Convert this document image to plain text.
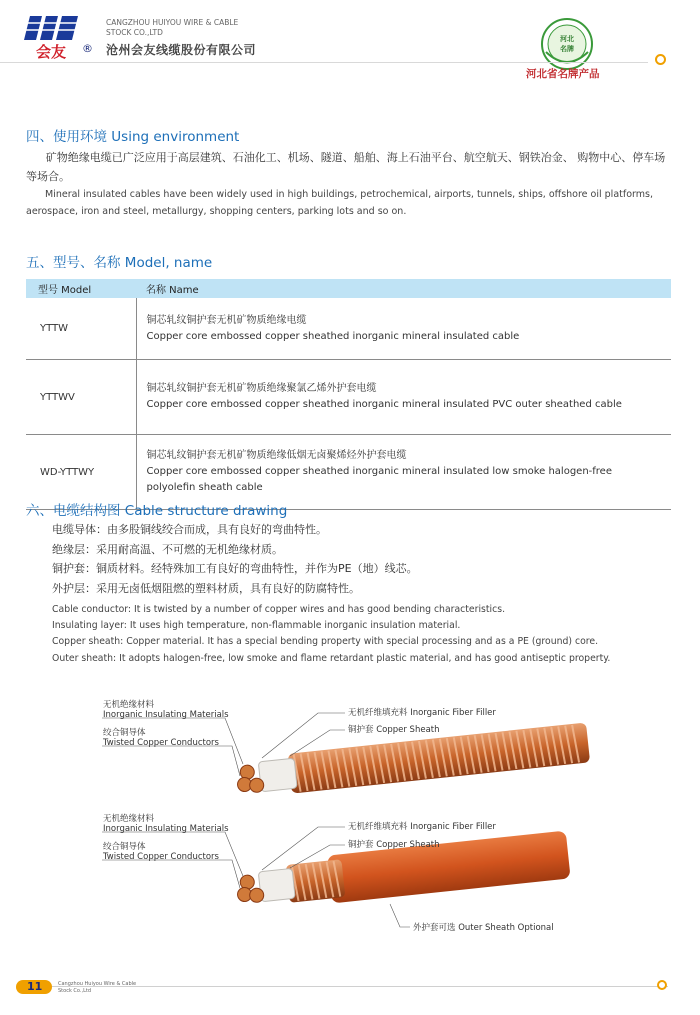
会友 ®
CANGZHOU HUIYOU WIRE & CABLE
STOCK CO.,LTD
沧州会友线缆股份有限公司
河北
名牌
河北省名牌产品
四、使用环境 Using environment
矿物绝缘电缆已广泛应用于高层建筑、石油化工、机场、隧道、船舶、海上石油平台、航空航天、钢铁冶金、 购物中心、停车场等场合。
Mineral insulated cables have been widely used in high buildings, petrochemical, airports, tunnels, ships, offshore oil platforms, aerospace, iron and steel, metallurgy, shopping centers, parking lots and so on.
五、型号、名称 Model, name
型号 Model	名称 Name
YTTW	铜芯轧纹铜护套无机矿物质绝缘电缆
Copper core embossed copper sheathed inorganic mineral insulated cable

YTTWV	铜芯轧纹铜护套无机矿物质绝缘聚氯乙烯外护套电缆
Copper core embossed copper sheathed inorganic mineral insulated PVC outer sheathed cable

WD-YTTWY	铜芯轧纹铜护套无机矿物质绝缘低烟无卤聚烯烃外护套电缆
Copper core embossed copper sheathed inorganic mineral insulated low smoke halogen-free polyolefin sheath cable
六、电缆结构图 Cable structure drawing
电缆导体：由多股铜线绞合而成，具有良好的弯曲特性。
绝缘层：采用耐高温、不可燃的无机绝缘材质。
铜护套：铜质材料。经特殊加工有良好的弯曲特性，并作为PE（地）线芯。
外护层：采用无卤低烟阻燃的塑料材质，具有良好的防腐特性。
Cable conductor: It is twisted by a number of copper wires and has good bending characteristics.
Insulating layer: It uses high temperature, non-flammable inorganic insulation material.
Copper sheath: Copper material. It has a special bending property with special processing and as a PE (ground) core.
Outer sheath: It adopts halogen-free, low smoke and flame retardant plastic material, and has good antiseptic property.
无机绝缘材料
Inorganic Insulating Materials
绞合铜导体
Twisted Copper Conductors
无机纤维填充料 Inorganic Fiber Filler
铜护套 Copper Sheath
无机绝缘材料
Inorganic Insulating Materials
绞合铜导体
Twisted Copper Conductors
无机纤维填充料 Inorganic Fiber Filler
铜护套 Copper Sheath
外护套可选 Outer Sheath Optional
11	Cangzhou Huiyou Wire & Cable
Stock Co.,Ltd
